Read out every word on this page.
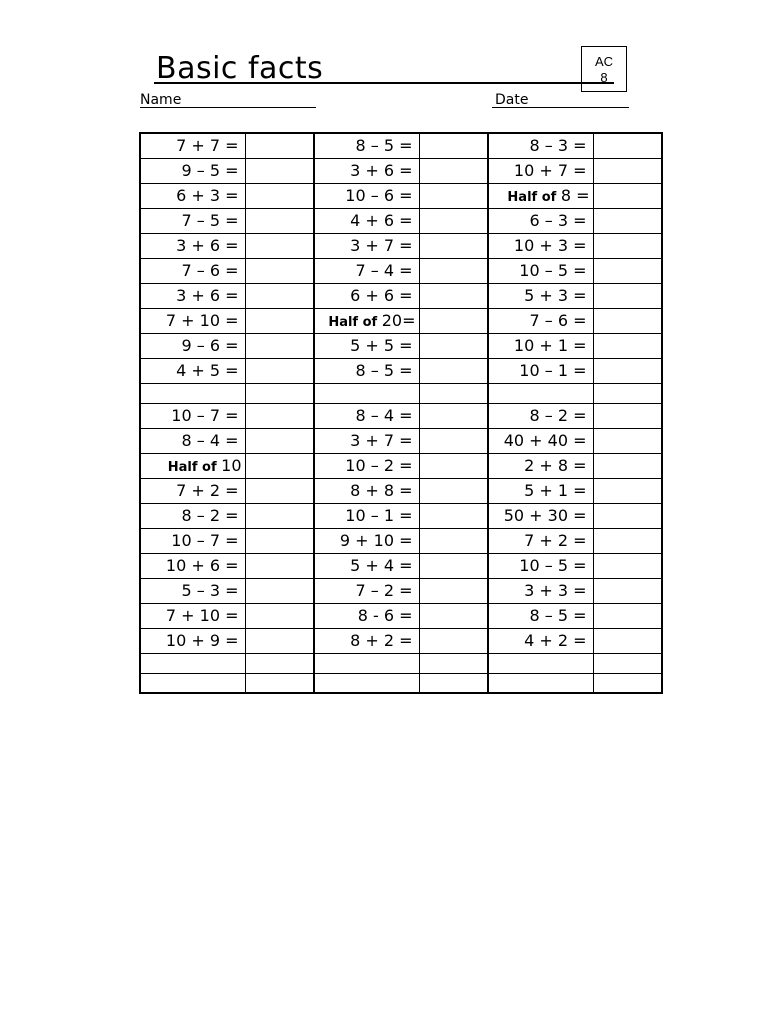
Basic facts	AC
8
Name	Date
7 + 7 =		8 – 5 =		8 – 3 =	
9 – 5 =		3 + 6 =		10 + 7 =	
6 + 3 =		10 – 6 =		Half of 8 =	
7 – 5 =		4 + 6 =		6 – 3 =	
3 + 6 =		3 + 7 =		10 + 3 =	
7 – 6 =		7 – 4 =		10 – 5 =	
3 + 6 =		6 + 6 =		5 + 3 =	
7 + 10 =		Half of 20=		7 – 6 =	
9 – 6 =		5 + 5 =		10 + 1 =	
4 + 5 =		8 – 5 =		10 – 1 =	

10 – 7 =		8 – 4 =		8 – 2 =	
8 – 4 =		3 + 7 =		40 + 40 =	
Half of 10		10 – 2 =		2 + 8 =	
7 + 2 =		8 + 8 =		5 + 1 =	
8 – 2 =		10 – 1 =		50 + 30 =	
10 – 7 =		9 + 10 =		7 + 2 =	
10 + 6 =		5 + 4 =		10 – 5 =	
5 – 3 =		7 – 2 =		3 + 3 =	
7 + 10 =		8 - 6 =		8 – 5 =	
10 + 9 =		8 + 2 =		4 + 2 =	
